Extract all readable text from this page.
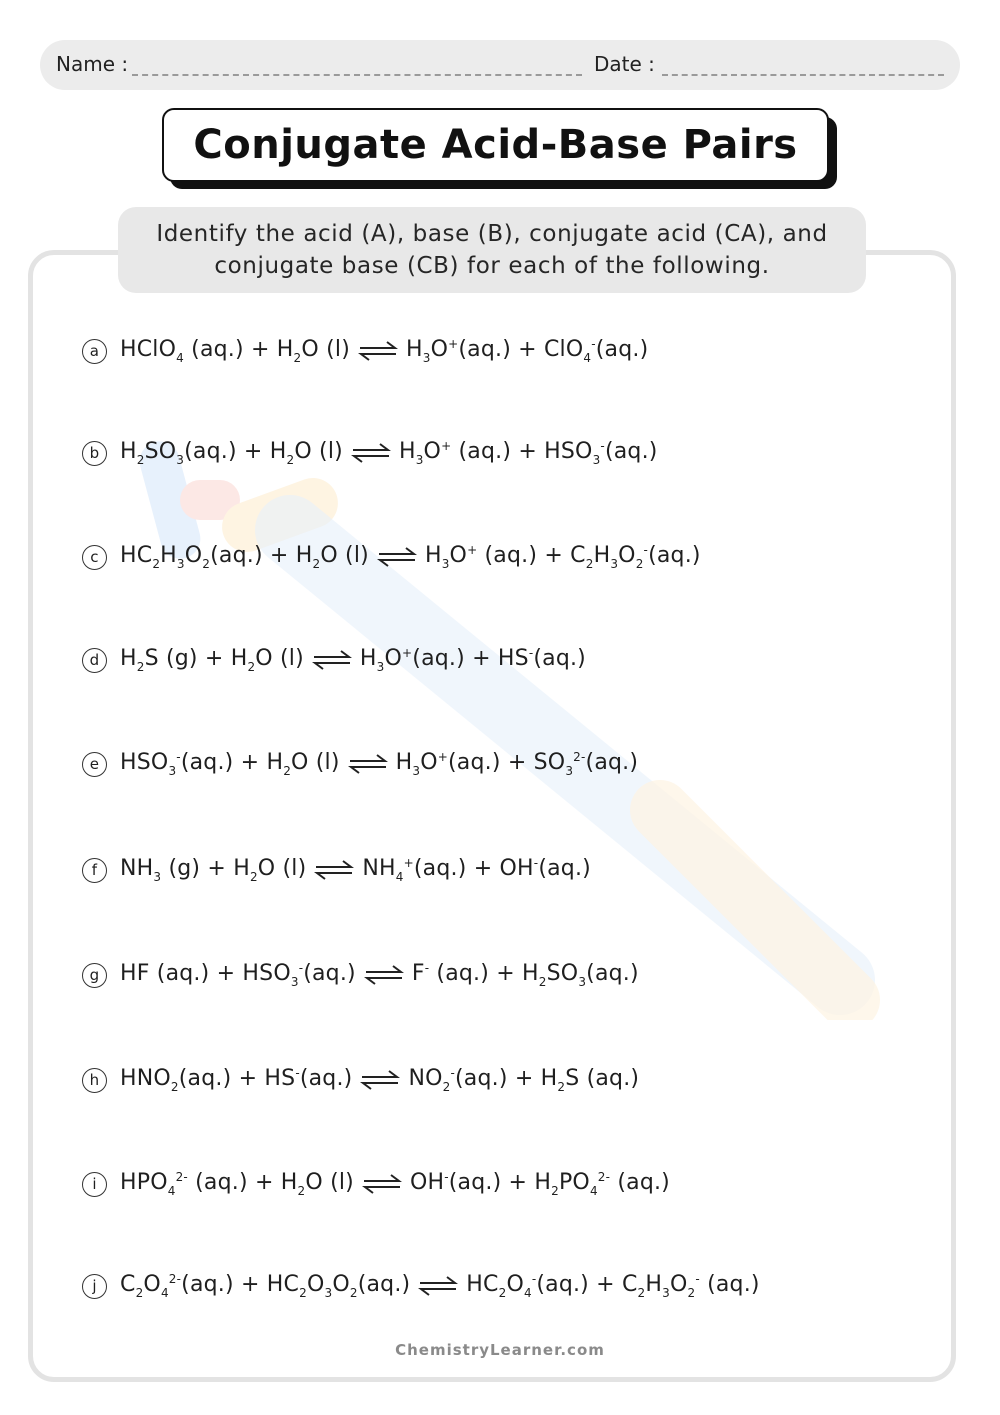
Name :	Date :
Conjugate Acid-Base Pairs
Identify the acid (A), base (B), conjugate acid (CA), and
conjugate base (CB) for each of the following.
a HClO$_4$ $(aq.) + H_2O$ (l) ⇌ $H_3O^+(aq.) + ClO_4^-(aq.)$
b $H_2SO_3(aq.) + H_2O$ (l) ⇌ $H_3O^+$ $(aq.) + HSO_3^-(aq.)$
c $HC_2H_3O_2(aq.) + H_2O$ (l) ⇌ $H_3O^+$ $(aq.) + C_2H_3O_2^-(aq.)$
d $H_2S$ $(g) + H_2O$ (l) ⇌ $H_3O^+(aq.) + HS^-(aq.)$
e $HSO_3^-(aq.) + H_2O$ (l) ⇌ $H_3O^+(aq.) + SO_3^{2-}(aq.)$
f	$NH_3$ $(g) + H_2O$ (l) ⇌ $NH_4^+(aq.) + OH^-(aq.)$
g HF $(aq.) + HSO_3^-(aq.)$ ⇌ F- $(aq.) + H_2SO_3(aq.)$
h $HNO_2(aq.) + HS^-(aq.)$ ⇌ $NO_2^-(aq.) + H_2S$ (aq.)
i	$HPO_4^{2-}$ $(aq.) + H_2O$ (l) ⇌ $OH^-(aq.) + H_2PO_4^{2-}$ (aq.)
j	$C_2O_4^{2-}(aq.) + HC_2O_3O_2(aq.)$ ⇌ $HC_2O_4^-(aq.) + C_2H_3O_2^-$ (aq.)
ChemistryLearner.com
